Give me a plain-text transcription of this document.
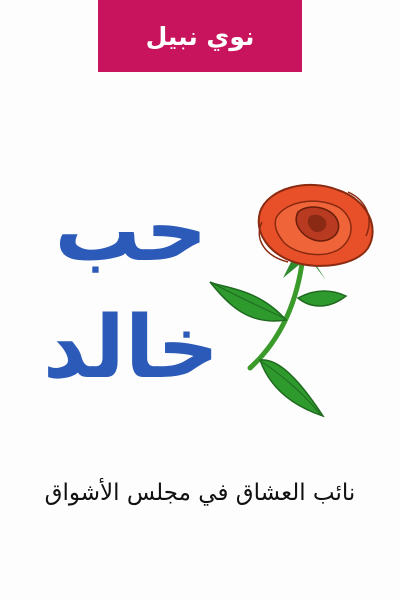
نوي نبيل
حب
خالد
نائب العشاق في مجلس الأشواق
